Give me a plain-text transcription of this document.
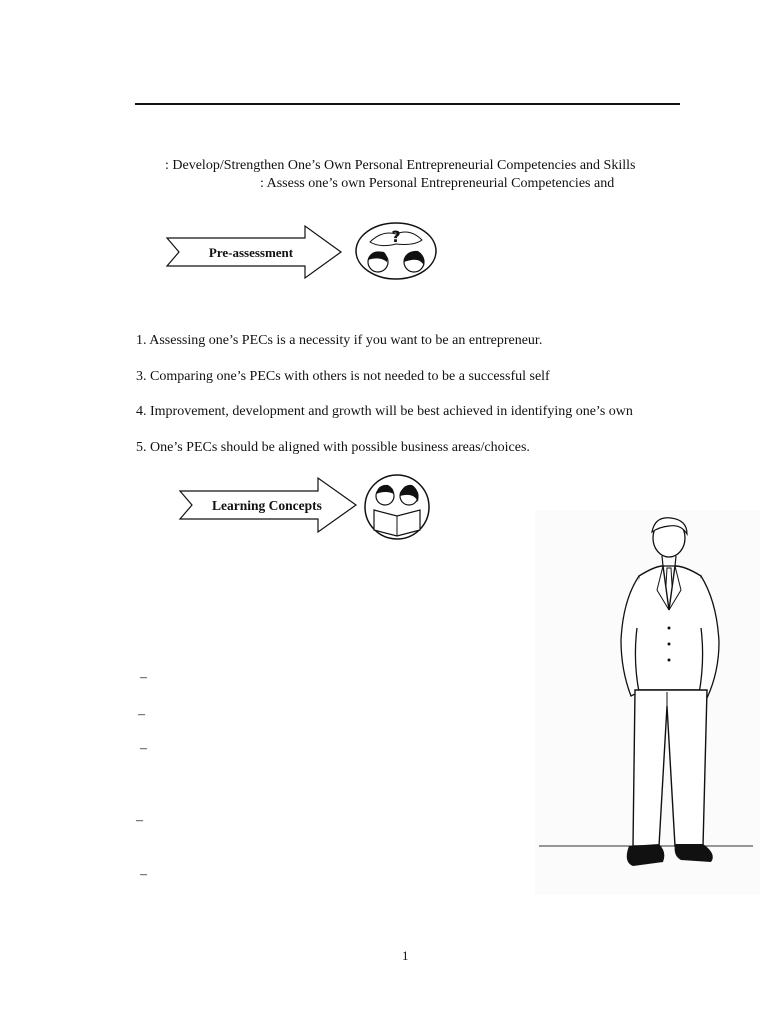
: Develop/Strengthen One’s Own Personal Entrepreneurial Competencies and Skills
: Assess one’s own Personal Entrepreneurial Competencies and
Pre-assessment
?
1. Assessing one’s PECs is a necessity if you want to be an entrepreneur.
3. Comparing one’s PECs with others is not needed to be a successful self
4. Improvement, development and growth will be best achieved in identifying one’s own
5. One’s PECs should be aligned with possible business areas/choices.
Learning Concepts
–
–
–
–
–
1
